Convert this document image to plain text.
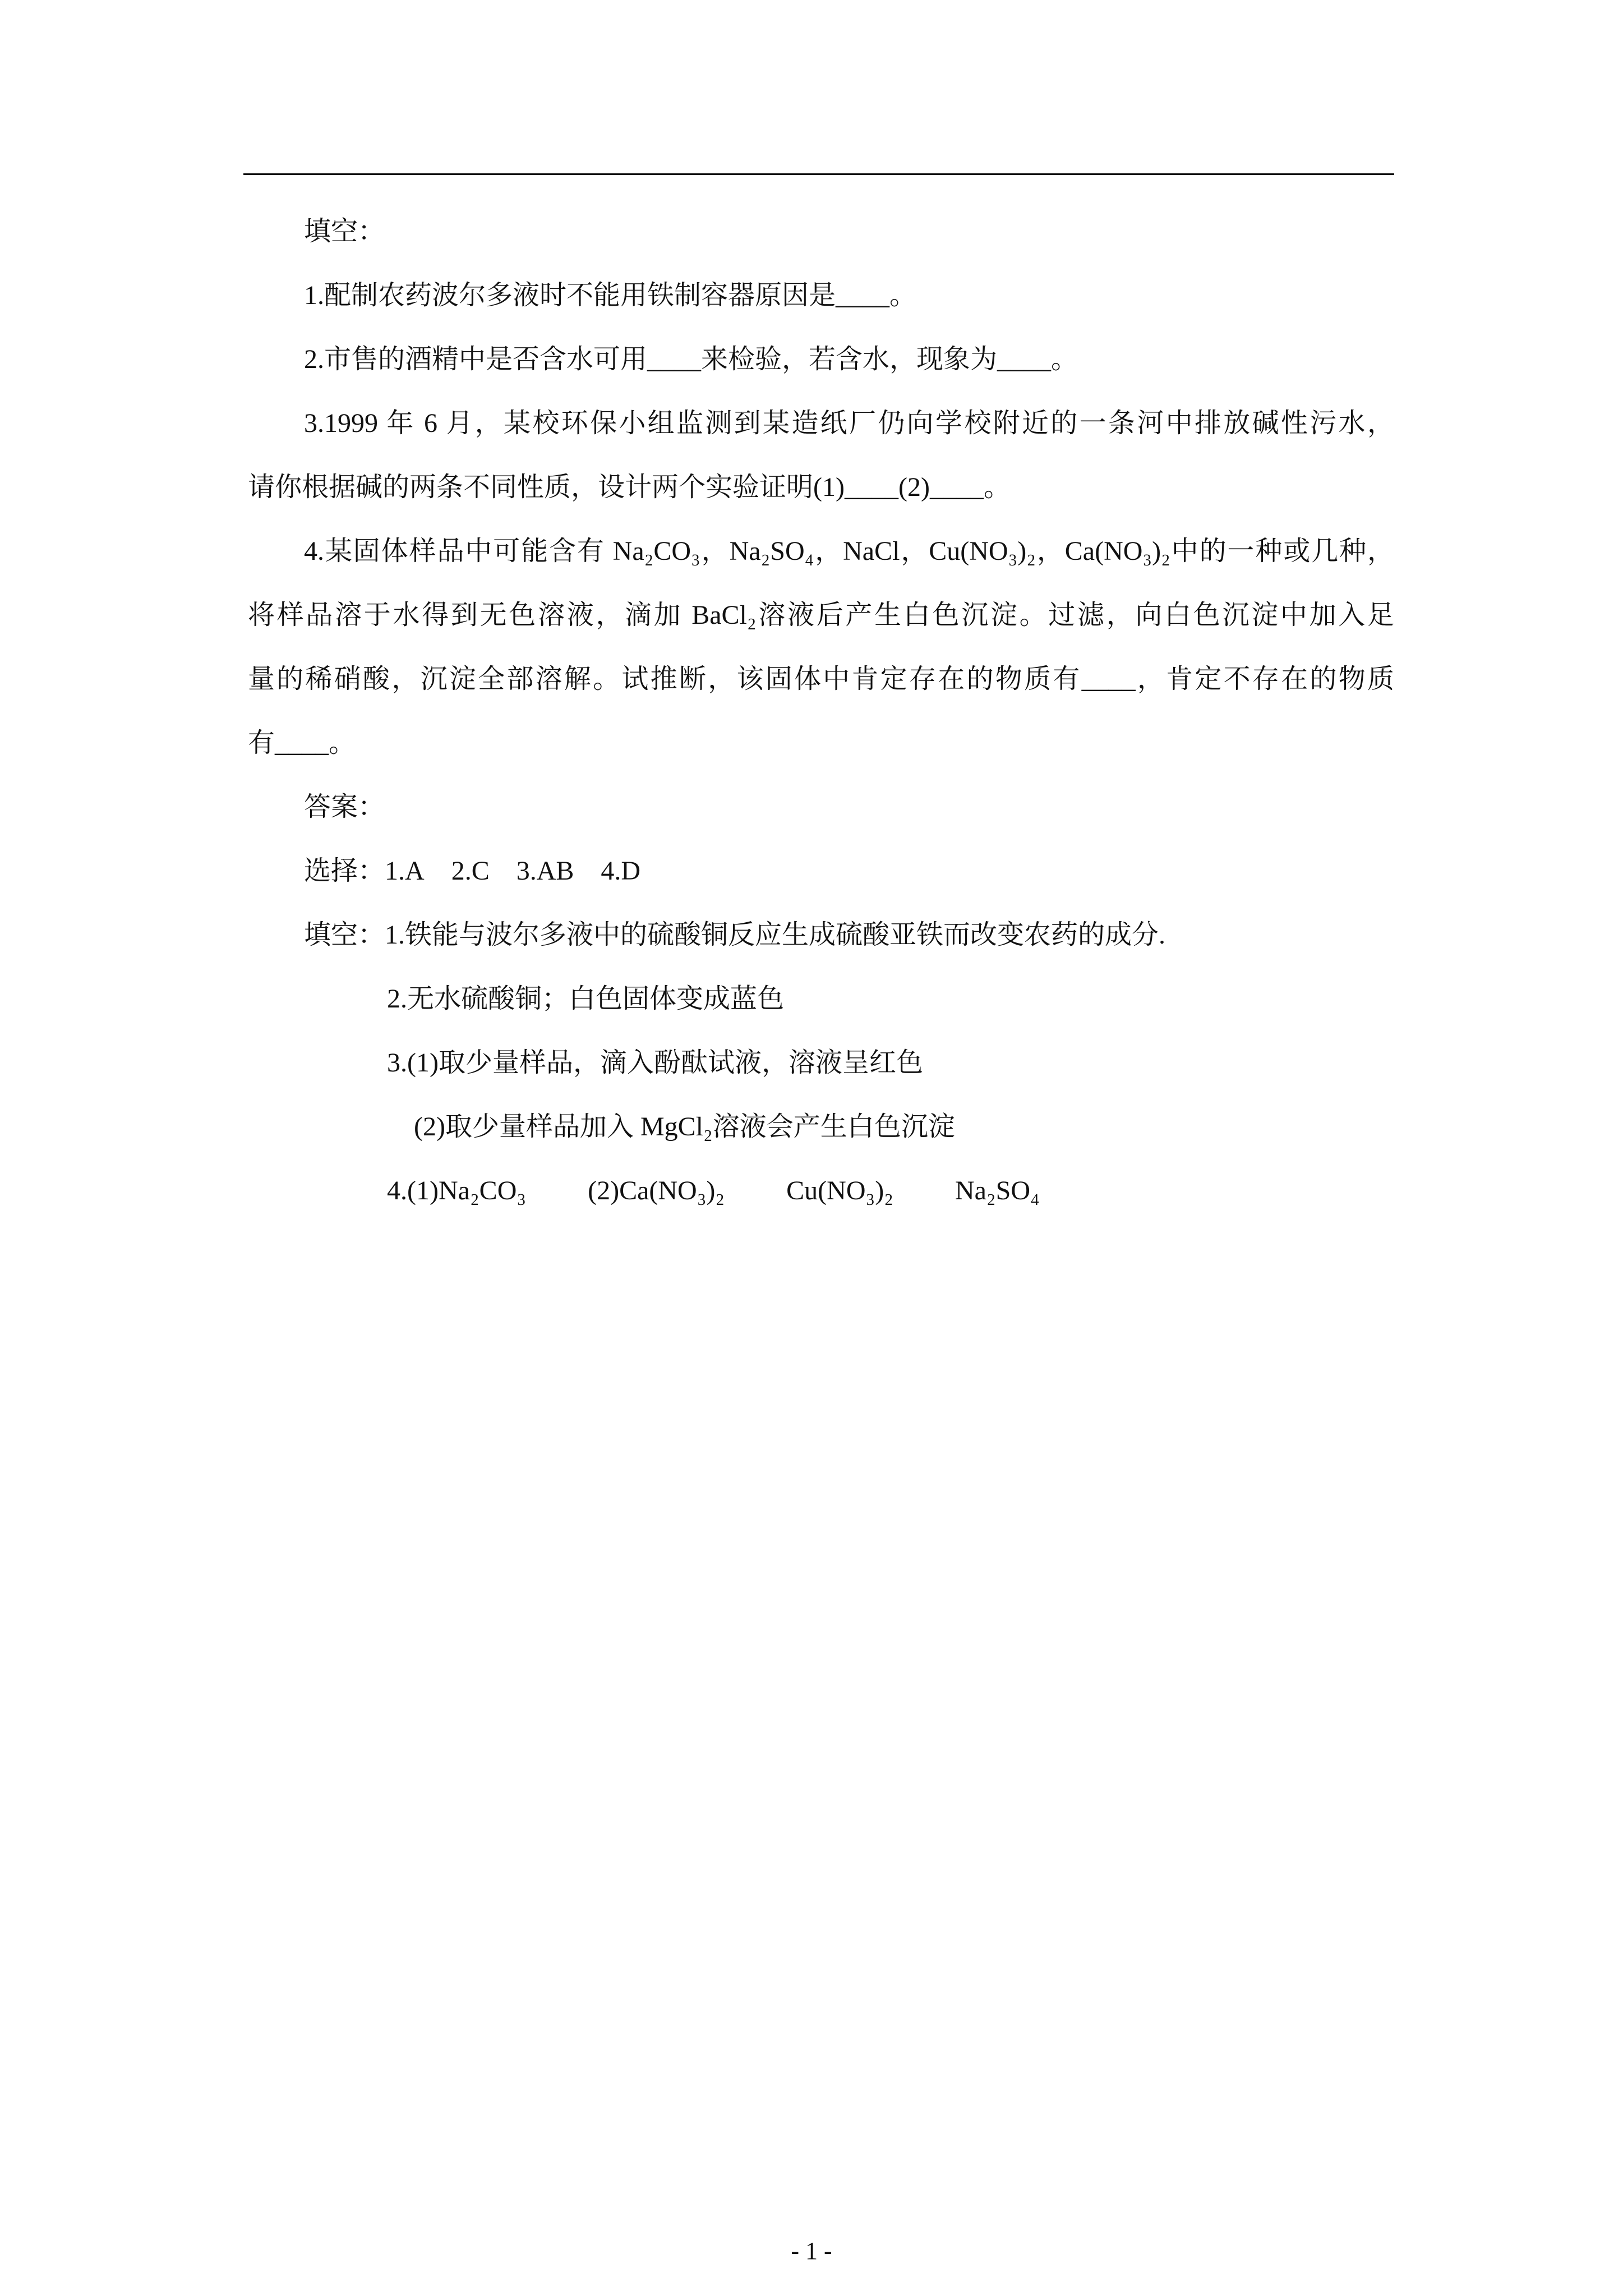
填空：
1.配制农药波尔多液时不能用铁制容器原因是____。
2.市售的酒精中是否含水可用____来检验，若含水，现象为____。
3.1999 年 6 月，某校环保小组监测到某造纸厂仍向学校附近的一条河中排放碱性污水，
请你根据碱的两条不同性质，设计两个实验证明(1)____(2)____。
4.某固体样品中可能含有 Na₂CO₃，Na₂SO₄，NaCl，Cu(NO₃)₂，Ca(NO₃)₂中的一种或几种，
将样品溶于水得到无色溶液，滴加 BaCl₂溶液后产生白色沉淀。过滤，向白色沉淀中加入足
量的稀硝酸，沉淀全部溶解。试推断，该固体中肯定存在的物质有____，肯定不存在的物质
有____。
答案：
选择：1.A 2.C 3.AB 4.D
填空：1.铁能与波尔多液中的硫酸铜反应生成硫酸亚铁而改变农药的成分.
2.无水硫酸铜；白色固体变成蓝色
3.(1)取少量样品，滴入酚酞试液，溶液呈红色
(2)取少量样品加入 MgCl₂溶液会产生白色沉淀
4.(1)Na₂CO₃ (2)Ca(NO₃)₂ Cu(NO₃)₂ Na₂SO₄
- 1 -
